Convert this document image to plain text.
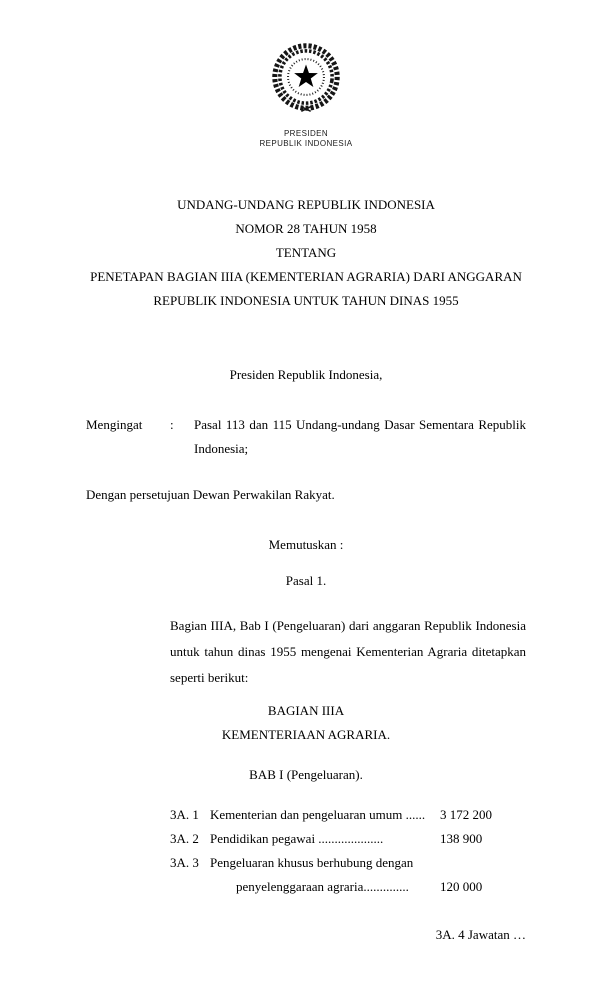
PRESIDEN
REPUBLIK INDONESIA
UNDANG-UNDANG REPUBLIK INDONESIA
NOMOR 28 TAHUN 1958
TENTANG
PENETAPAN BAGIAN IIIA (KEMENTERIAN AGRARIA) DARI ANGGARAN
REPUBLIK INDONESIA UNTUK TAHUN DINAS 1955
Presiden Republik Indonesia,
Mengingat	:	Pasal 113 dan 115 Undang-undang Dasar Sementara Republik Indonesia;
Dengan persetujuan Dewan Perwakilan Rakyat.
Memutuskan :
Pasal 1.
Bagian IIIA, Bab I (Pengeluaran) dari anggaran Republik Indonesia untuk tahun dinas 1955 mengenai Kementerian Agraria ditetapkan seperti berikut:
BAGIAN IIIA
KEMENTERIAAN AGRARIA.
BAB I (Pengeluaran).
3A. 1 Kementerian dan pengeluaran umum ......	3 172 200
3A. 2 Pendidikan pegawai ....................	138 900
3A. 3 Pengeluaran khusus berhubung dengan
penyelenggaraan agraria..............	120 000
3A. 4 Jawatan …
